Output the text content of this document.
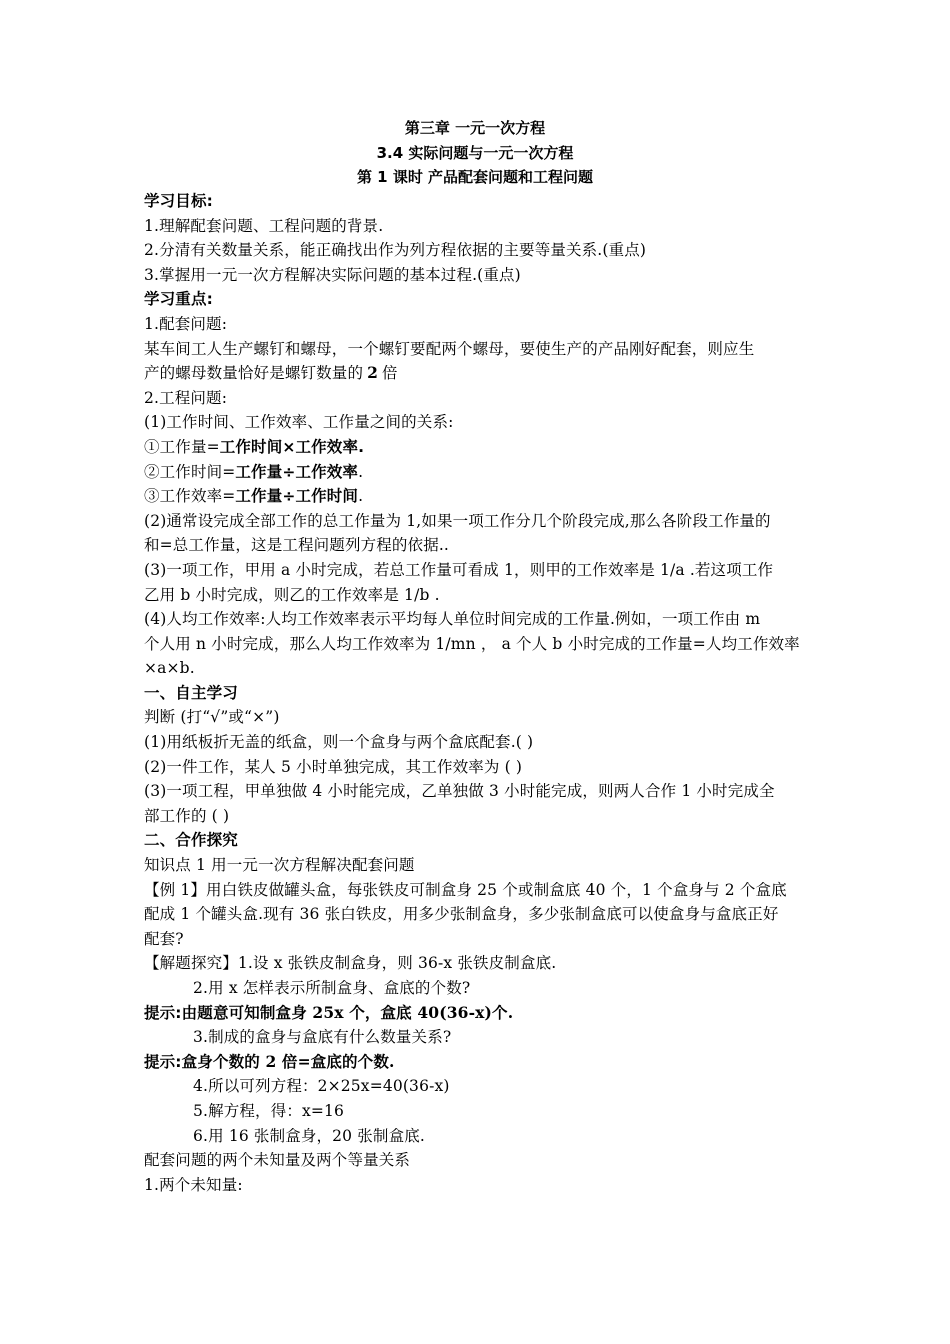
第三章 一元一次方程
3.4 实际问题与一元一次方程
第 1 课时 产品配套问题和工程问题
学习目标:
1.理解配套问题、工程问题的背景.
2.分清有关数量关系，能正确找出作为列方程依据的主要等量关系.(重点)
3.掌握用一元一次方程解决实际问题的基本过程.(重点)
学习重点:
1.配套问题:
某车间工人生产螺钉和螺母，一个螺钉要配两个螺母，要使生产的产品刚好配套，则应生
产的螺母数量恰好是螺钉数量的 2 倍
2.工程问题:
(1)工作时间、工作效率、工作量之间的关系:
①工作量=工作时间×工作效率.
②工作时间=工作量÷工作效率.
③工作效率=工作量÷工作时间.
(2)通常设完成全部工作的总工作量为 1,如果一项工作分几个阶段完成,那么各阶段工作量的
和=总工作量，这是工程问题列方程的依据..
(3)一项工作，甲用 a 小时完成，若总工作量可看成 1，则甲的工作效率是 1/a .若这项工作
乙用 b 小时完成，则乙的工作效率是 1/b .
(4)人均工作效率:人均工作效率表示平均每人单位时间完成的工作量.例如，一项工作由 m
个人用 n 小时完成，那么人均工作效率为 1/mn ， a 个人 b 小时完成的工作量=人均工作效率
×a×b.
一、自主学习
判断 (打“√”或“×”)
(1)用纸板折无盖的纸盒，则一个盒身与两个盒底配套.( )
(2)一件工作，某人 5 小时单独完成，其工作效率为 ( )
(3)一项工程，甲单独做 4 小时能完成，乙单独做 3 小时能完成，则两人合作 1 小时完成全
部工作的 ( )
二、合作探究
知识点 1 用一元一次方程解决配套问题
【例 1】用白铁皮做罐头盒，每张铁皮可制盒身 25 个或制盒底 40 个，1 个盒身与 2 个盒底
配成 1 个罐头盒.现有 36 张白铁皮，用多少张制盒身，多少张制盒底可以使盒身与盒底正好
配套?
【解题探究】1.设 x 张铁皮制盒身，则 36-x 张铁皮制盒底.
2.用 x 怎样表示所制盒身、盒底的个数?
提示:由题意可知制盒身 25x 个，盒底 40(36-x)个.
3.制成的盒身与盒底有什么数量关系?
提示:盒身个数的 2 倍=盒底的个数.
4.所以可列方程：2×25x=40(36-x)
5.解方程，得：x=16
6.用 16 张制盒身，20 张制盒底.
配套问题的两个未知量及两个等量关系
1.两个未知量:
